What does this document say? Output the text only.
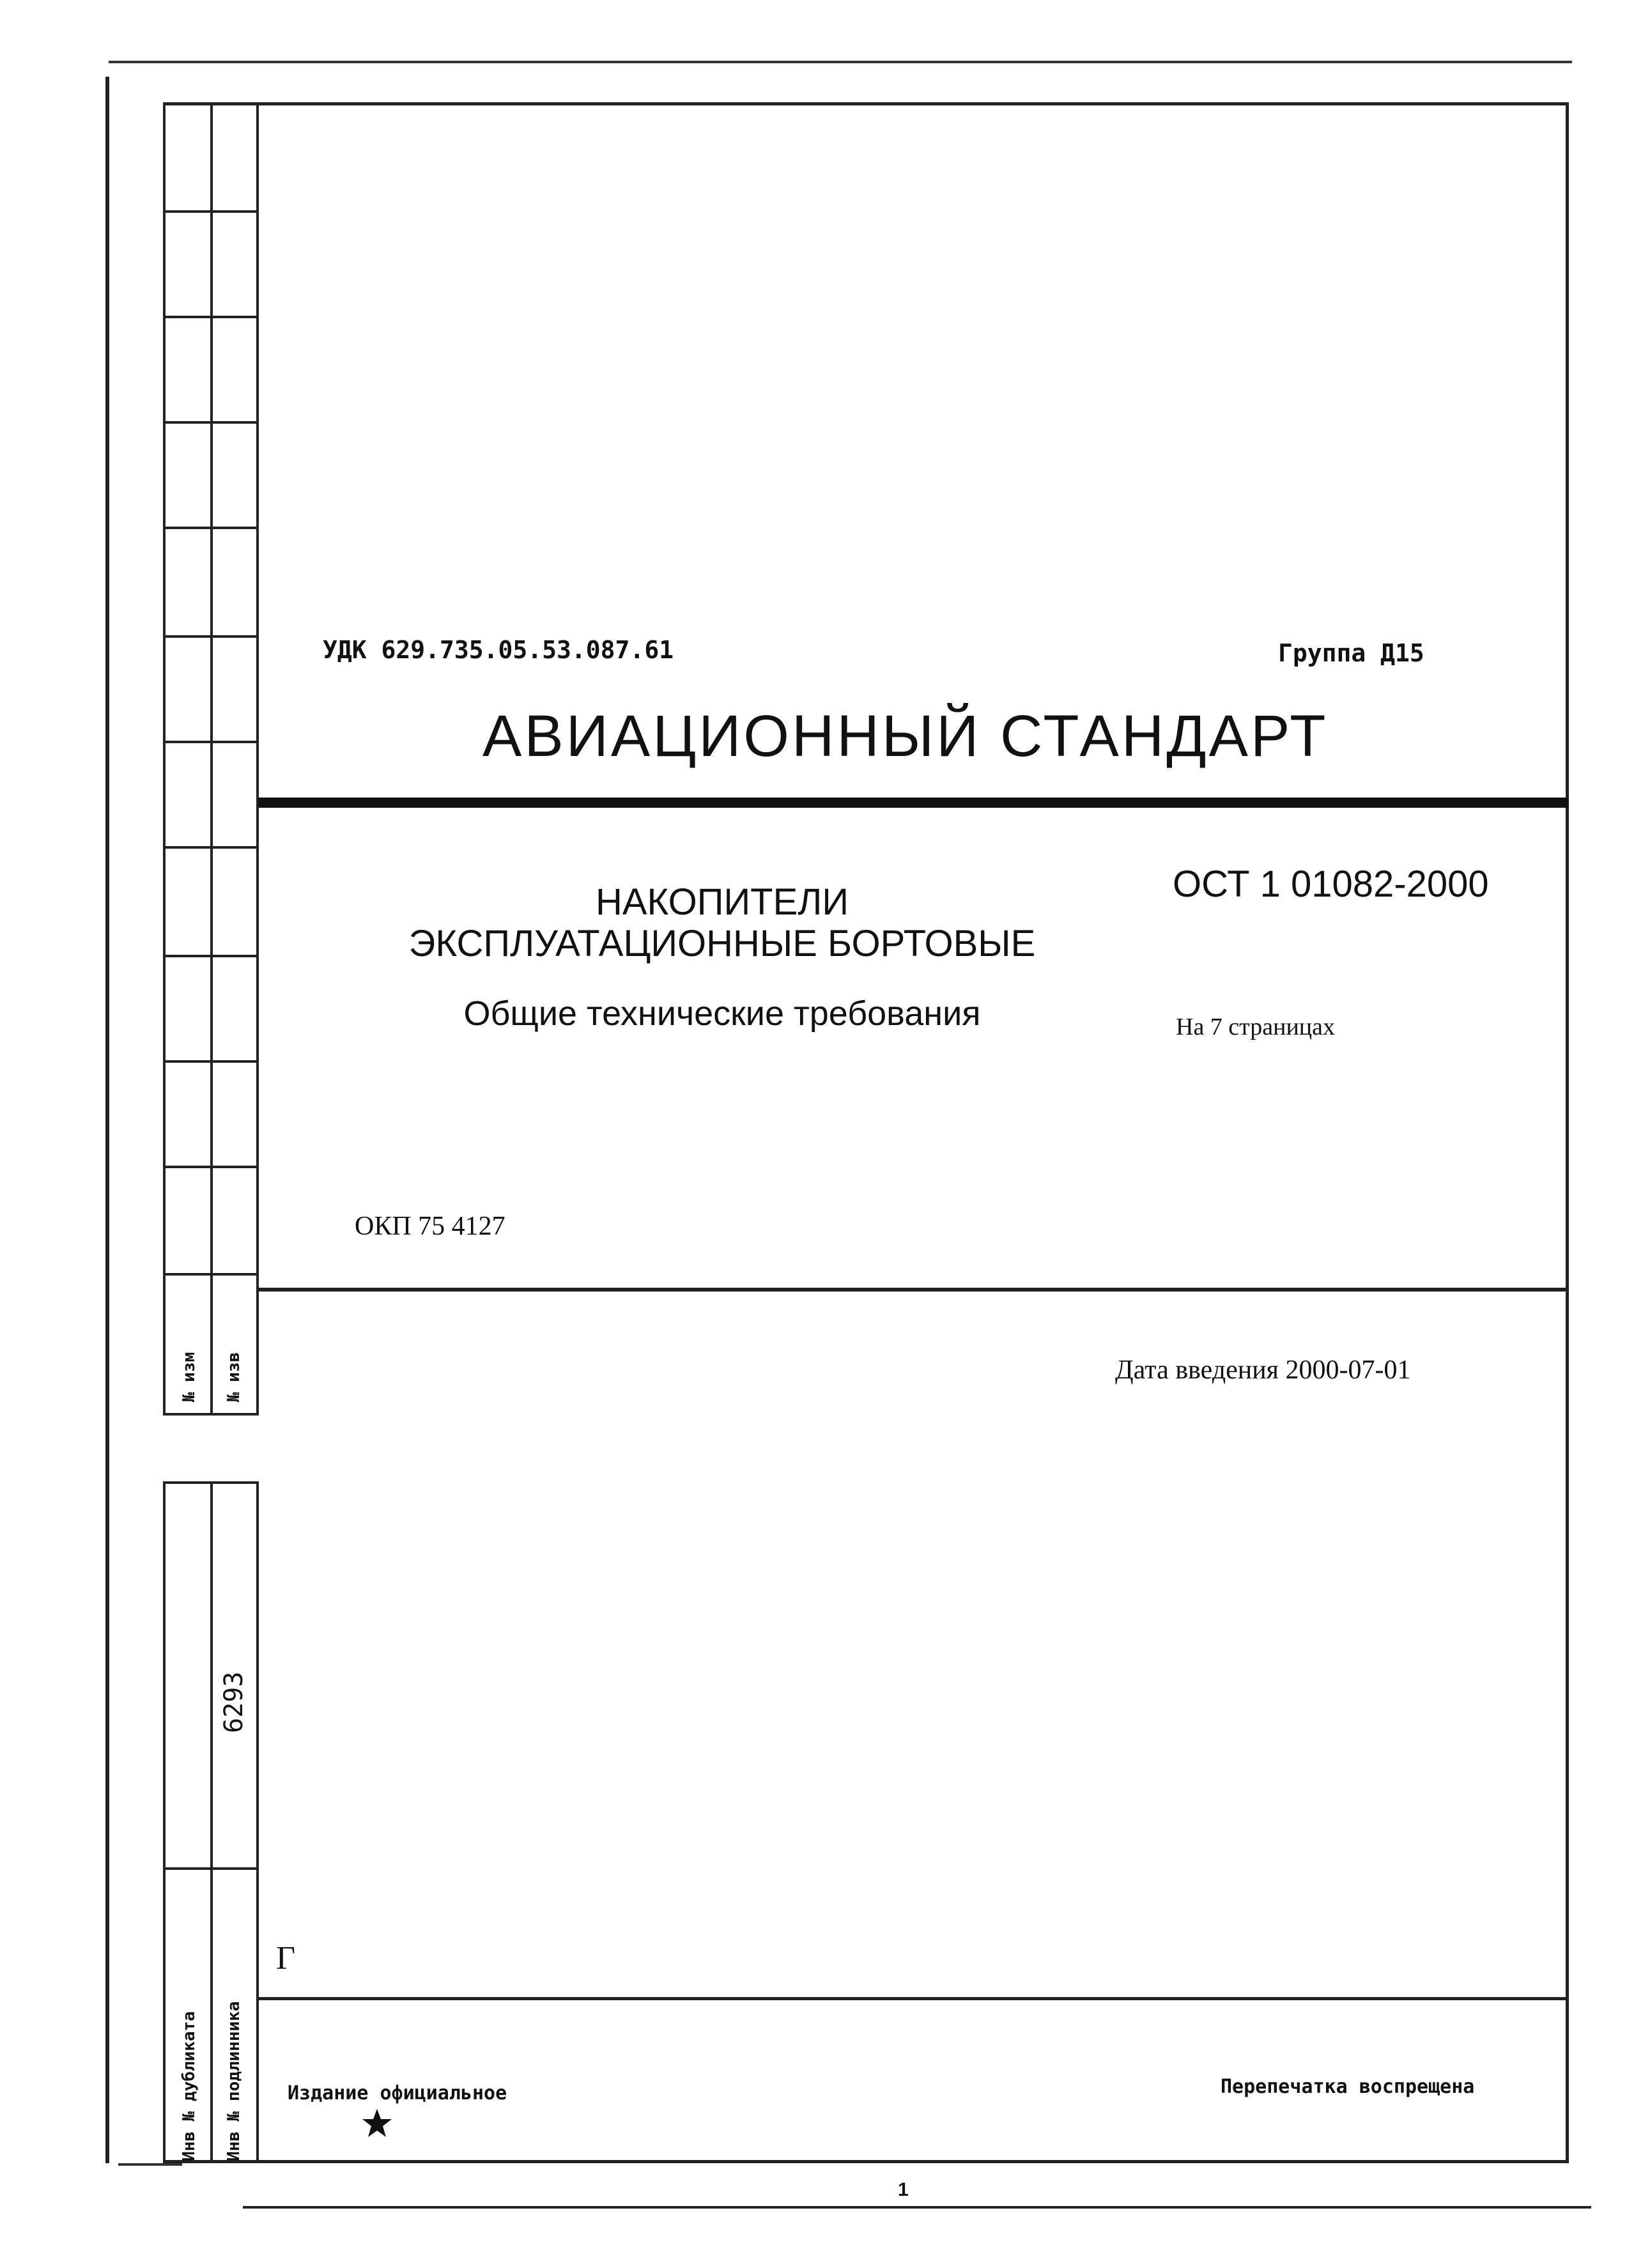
№ изм № изв
Инв № дубликата Инв № подлинника
6293
УДК 629.735.05.53.087.61	Группа Д15
АВИАЦИОННЫЙ СТАНДАРТ
НАКОПИТЕЛИ
ЭКСПЛУАТАЦИОННЫЕ БОРТОВЫЕ
Общие технические требования
ОСТ 1 01082-2000
На 7 страницах
ОКП 75 4127
Дата введения 2000-07-01
Г
Издание официальное	Перепечатка воспрещена
1
